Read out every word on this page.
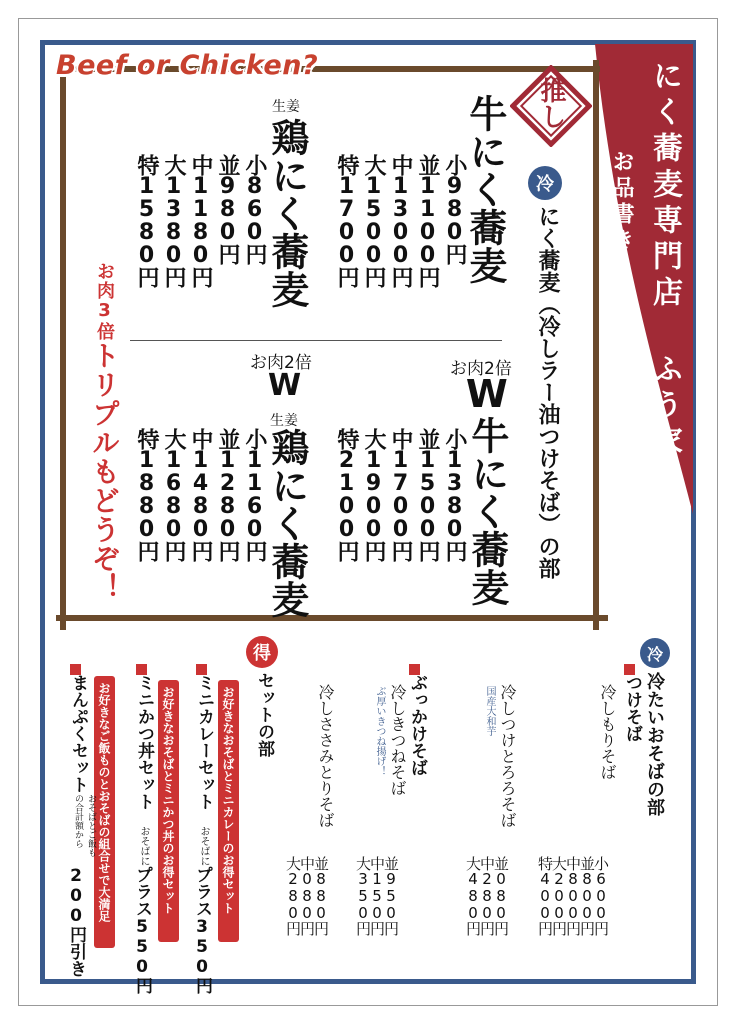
にく蕎麦専門店 ふう家
お品書き
Beef or Chicken?
推し
冷
にく蕎麦（冷しラー油つけそば）の部
牛にく蕎麦
小980円
並1100円
中1300円
大1500円
特1700円
生姜
鶏にく蕎麦
小860円
並980円
中1180円
大1380円
特1580円
お肉2倍
W牛にく蕎麦
小1380円
並1500円
中1700円
大1900円
特2100円
お肉2倍
W
生姜
鶏にく蕎麦
小1160円
並1280円
中1480円
大1680円
特1880円
お肉3倍トリプルもどうぞ！
冷
冷たいおそばの部
つけそば
冷しもりそば
小600円
並800円
中800円
大200円
特400円
国産大和芋 冷しつけとろろそば
並080円
中280円
大480円
ぶっかけそば
冷しきつねそば
ぶ厚いきつね揚げ！
並950円
中150円
大350円
冷しささみとりそば
並880円
中080円
大280円
得
セットの部
お好きなおそばとミニカレーのお得セット
ミニカレーセット
おそばに
プラス350円
お好きなおそばとミニかつ丼のお得セット
ミニかつ丼セット
おそばに
プラス550円
お好きなご飯ものとおそばの組合せで大満足
まんぷくセット
おそばとご飯もの合計額から
200円引き
